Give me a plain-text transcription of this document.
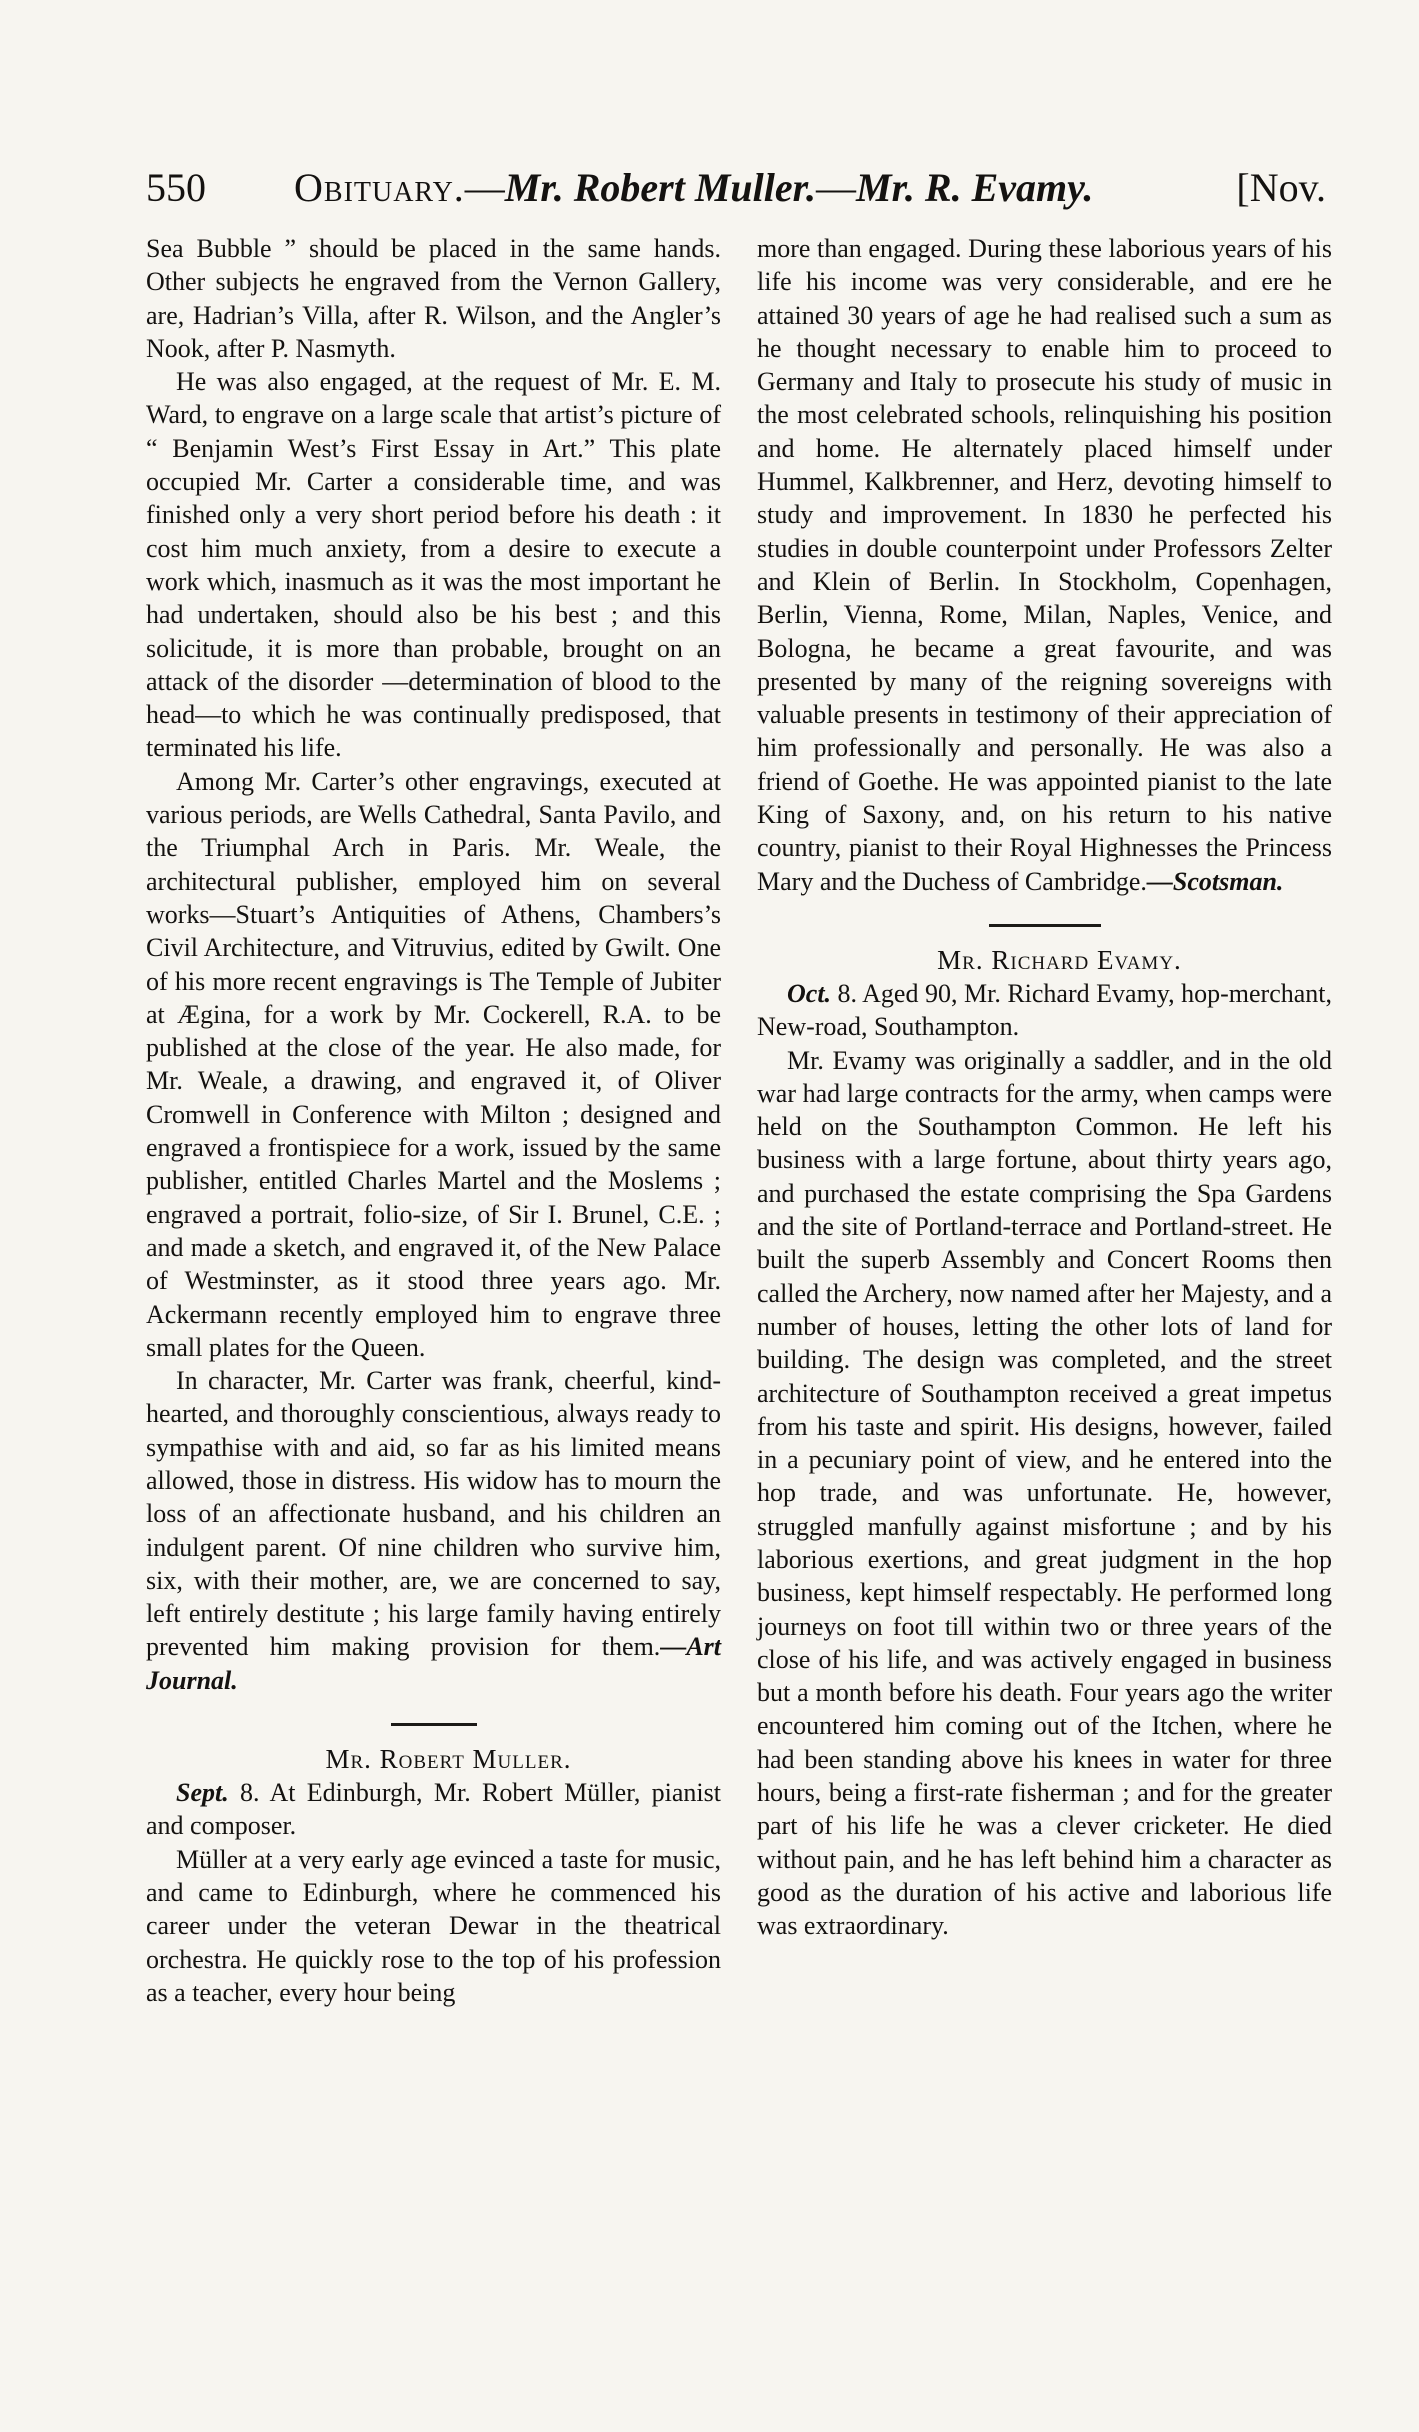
550 Obituary.—Mr. Robert Muller.—Mr. R. Evamy.	[Nov.

Sea Bubble ” should be placed in the same hands. Other subjects he engraved from the Vernon Gallery, are, Hadrian’s Villa, after R. Wilson, and the Angler’s Nook, after P. Nasmyth.

He was also engaged, at the request of Mr. E. M. Ward, to engrave on a large scale that artist’s picture of “ Benjamin West’s First Essay in Art.” This plate occupied Mr. Carter a considerable time, and was finished only a very short period before his death : it cost him much anxiety, from a desire to execute a work which, inasmuch as it was the most important he had undertaken, should also be his best ; and this solicitude, it is more than probable, brought on an attack of the disorder —determination of blood to the head—to which he was continually predisposed, that terminated his life.

Among Mr. Carter’s other engravings, executed at various periods, are Wells Cathedral, Santa Pavilo, and the Triumphal Arch in Paris. Mr. Weale, the architectural publisher, employed him on several works—Stuart’s Antiquities of Athens, Chambers’s Civil Architecture, and Vitruvius, edited by Gwilt. One of his more recent engravings is The Temple of Jubiter at Ægina, for a work by Mr. Cockerell, R.A. to be published at the close of the year. He also made, for Mr. Weale, a drawing, and engraved it, of Oliver Cromwell in Conference with Milton ; designed and engraved a frontispiece for a work, issued by the same publisher, entitled Charles Martel and the Moslems ; engraved a portrait, folio-size, of Sir I. Brunel, C.E. ; and made a sketch, and engraved it, of the New Palace of Westminster, as it stood three years ago. Mr. Ackermann recently employed him to engrave three small plates for the Queen.

In character, Mr. Carter was frank, cheerful, kind-hearted, and thoroughly conscientious, always ready to sympathise with and aid, so far as his limited means allowed, those in distress. His widow has to mourn the loss of an affectionate husband, and his children an indulgent parent. Of nine children who survive him, six, with their mother, are, we are concerned to say, left entirely destitute ; his large family having entirely prevented him making provision for them.—Art Journal.

Mr. Robert Muller.

Sept. 8. At Edinburgh, Mr. Robert Müller, pianist and composer.

Müller at a very early age evinced a taste for music, and came to Edinburgh, where he commenced his career under the veteran Dewar in the theatrical orchestra. He quickly rose to the top of his profession as a teacher, every hour being

more than engaged. During these laborious years of his life his income was very considerable, and ere he attained 30 years of age he had realised such a sum as he thought necessary to enable him to proceed to Germany and Italy to prosecute his study of music in the most celebrated schools, relinquishing his position and home. He alternately placed himself under Hummel, Kalkbrenner, and Herz, devoting himself to study and improvement. In 1830 he perfected his studies in double counterpoint under Professors Zelter and Klein of Berlin. In Stockholm, Copenhagen, Berlin, Vienna, Rome, Milan, Naples, Venice, and Bologna, he became a great favourite, and was presented by many of the reigning sovereigns with valuable presents in testimony of their appreciation of him professionally and personally. He was also a friend of Goethe. He was appointed pianist to the late King of Saxony, and, on his return to his native country, pianist to their Royal Highnesses the Princess Mary and the Duchess of Cambridge.—Scotsman.

Mr. Richard Evamy.

Oct. 8. Aged 90, Mr. Richard Evamy, hop-merchant, New-road, Southampton.

Mr. Evamy was originally a saddler, and in the old war had large contracts for the army, when camps were held on the Southampton Common. He left his business with a large fortune, about thirty years ago, and purchased the estate comprising the Spa Gardens and the site of Portland-terrace and Portland-street. He built the superb Assembly and Concert Rooms then called the Archery, now named after her Majesty, and a number of houses, letting the other lots of land for building. The design was completed, and the street architecture of Southampton received a great impetus from his taste and spirit. His designs, however, failed in a pecuniary point of view, and he entered into the hop trade, and was unfortunate. He, however, struggled manfully against misfortune ; and by his laborious exertions, and great judgment in the hop business, kept himself respectably. He performed long journeys on foot till within two or three years of the close of his life, and was actively engaged in business but a month before his death. Four years ago the writer encountered him coming out of the Itchen, where he had been standing above his knees in water for three hours, being a first-rate fisherman ; and for the greater part of his life he was a clever cricketer. He died without pain, and he has left behind him a character as good as the duration of his active and laborious life was extraordinary.
